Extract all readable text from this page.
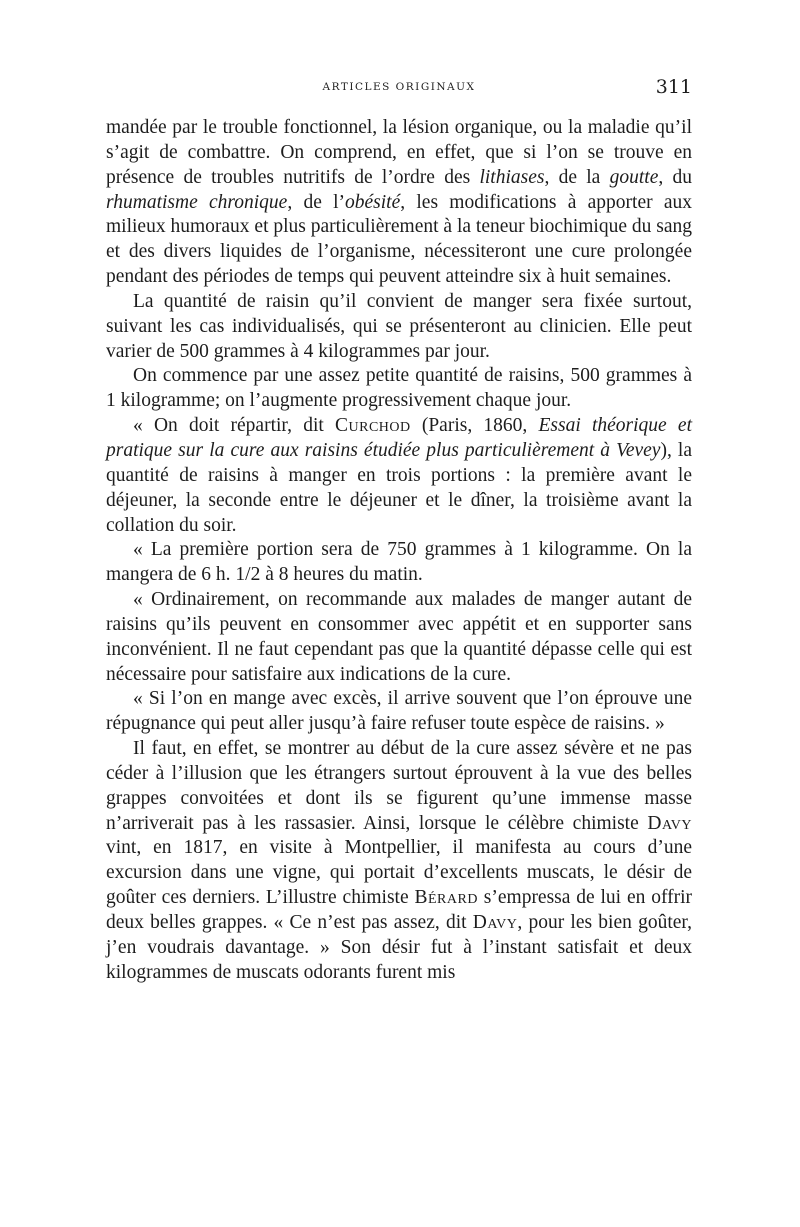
ARTICLES ORIGINAUX	311

mandée par le trouble fonctionnel, la lésion organique, ou la maladie qu’il s’agit de combattre. On comprend, en effet, que si l’on se trouve en présence de troubles nutritifs de l’ordre des lithiases, de la goutte, du rhumatisme chronique, de l’obésité, les modifications à apporter aux milieux humoraux et plus particulièrement à la teneur biochimique du sang et des divers liquides de l’organisme, nécessiteront une cure prolongée pendant des périodes de temps qui peuvent atteindre six à huit semaines.

La quantité de raisin qu’il convient de manger sera fixée surtout, suivant les cas individualisés, qui se présenteront au clinicien. Elle peut varier de 500 grammes à 4 kilogrammes par jour.

On commence par une assez petite quantité de raisins, 500 grammes à 1 kilogramme; on l’augmente progressivement chaque jour.

« On doit répartir, dit Curchod (Paris, 1860, Essai théorique et pratique sur la cure aux raisins étudiée plus particulièrement à Vevey), la quantité de raisins à manger en trois portions : la première avant le déjeuner, la seconde entre le déjeuner et le dîner, la troisième avant la collation du soir.

« La première portion sera de 750 grammes à 1 kilogramme. On la mangera de 6 h. 1/2 à 8 heures du matin.

« Ordinairement, on recommande aux malades de manger autant de raisins qu’ils peuvent en consommer avec appétit et en supporter sans inconvénient. Il ne faut cependant pas que la quantité dépasse celle qui est nécessaire pour satisfaire aux indications de la cure.

« Si l’on en mange avec excès, il arrive souvent que l’on éprouve une répugnance qui peut aller jusqu’à faire refuser toute espèce de raisins. »

Il faut, en effet, se montrer au début de la cure assez sévère et ne pas céder à l’illusion que les étrangers surtout éprouvent à la vue des belles grappes convoitées et dont ils se figurent qu’une immense masse n’arriverait pas à les rassasier. Ainsi, lorsque le célèbre chimiste Davy vint, en 1817, en visite à Montpellier, il manifesta au cours d’une excursion dans une vigne, qui portait d’excellents muscats, le désir de goûter ces derniers. L’illustre chimiste Bérard s’empressa de lui en offrir deux belles grappes. « Ce n’est pas assez, dit Davy, pour les bien goûter, j’en voudrais davantage. » Son désir fut à l’instant satisfait et deux kilogrammes de muscats odorants furent mis
